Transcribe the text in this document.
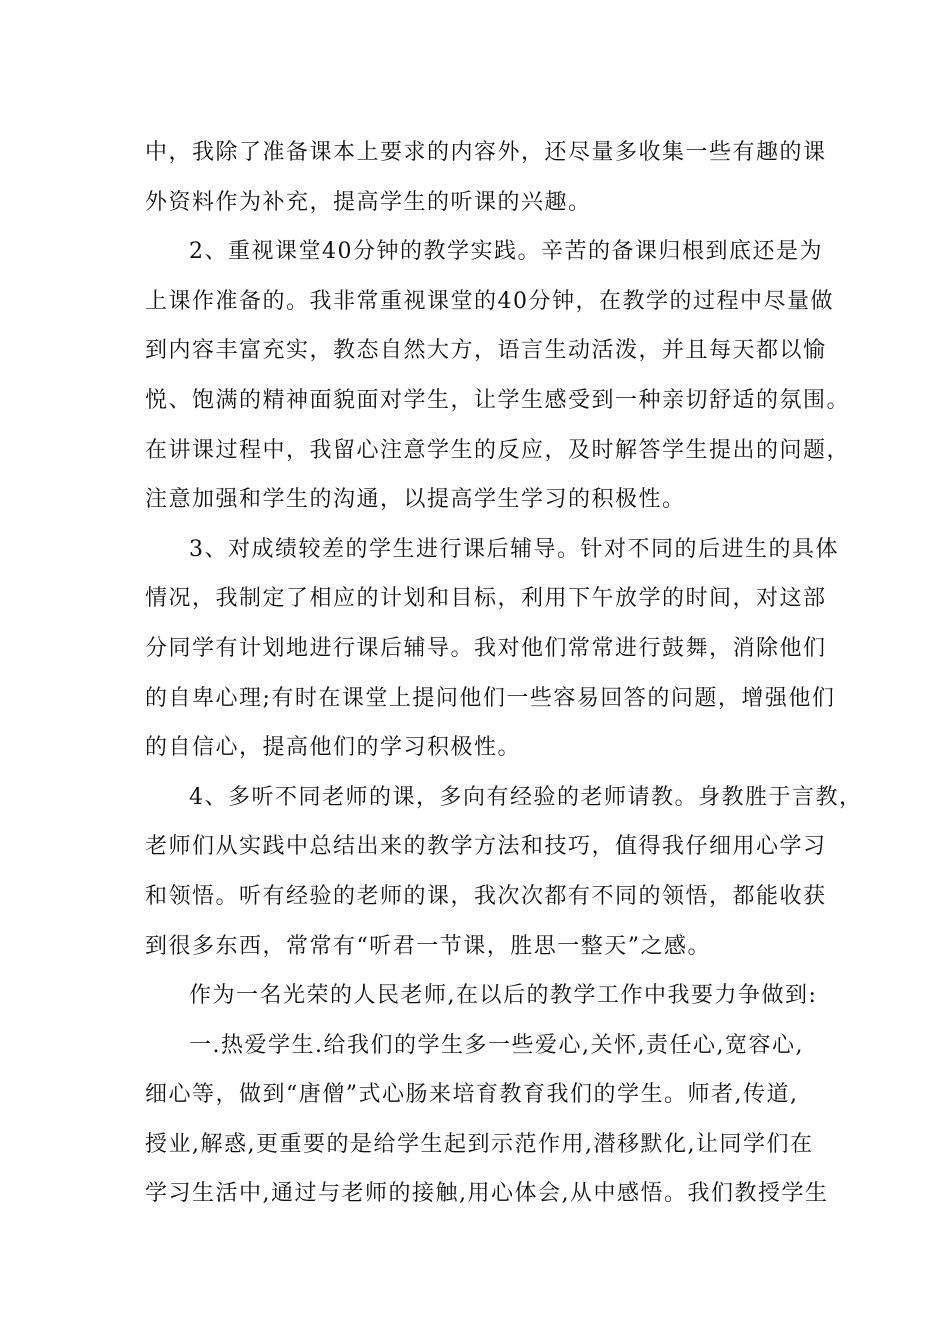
中，我除了准备课本上要求的内容外，还尽量多收集一些有趣的课
外资料作为补充，提高学生的听课的兴趣。
2、重视课堂40分钟的教学实践。辛苦的备课归根到底还是为
上课作准备的。我非常重视课堂的40分钟，在教学的过程中尽量做
到内容丰富充实，教态自然大方，语言生动活泼，并且每天都以愉
悦、饱满的精神面貌面对学生，让学生感受到一种亲切舒适的氛围。
在讲课过程中，我留心注意学生的反应，及时解答学生提出的问题，
注意加强和学生的沟通，以提高学生学习的积极性。
3、对成绩较差的学生进行课后辅导。针对不同的后进生的具体
情况，我制定了相应的计划和目标，利用下午放学的时间，对这部
分同学有计划地进行课后辅导。我对他们常常进行鼓舞，消除他们
的自卑心理;有时在课堂上提问他们一些容易回答的问题，增强他们
的自信心，提高他们的学习积极性。
4、多听不同老师的课，多向有经验的老师请教。身教胜于言教，
老师们从实践中总结出来的教学方法和技巧，值得我仔细用心学习
和领悟。听有经验的老师的课，我次次都有不同的领悟，都能收获
到很多东西，常常有“听君一节课，胜思一整天”之感。
作为一名光荣的人民老师,在以后的教学工作中我要力争做到:
一.热爱学生.给我们的学生多一些爱心,关怀,责任心,宽容心,
细心等，做到“唐僧”式心肠来培育教育我们的学生。师者,传道,
授业,解惑,更重要的是给学生起到示范作用,潜移默化,让同学们在
学习生活中,通过与老师的接触,用心体会,从中感悟。我们教授学生
